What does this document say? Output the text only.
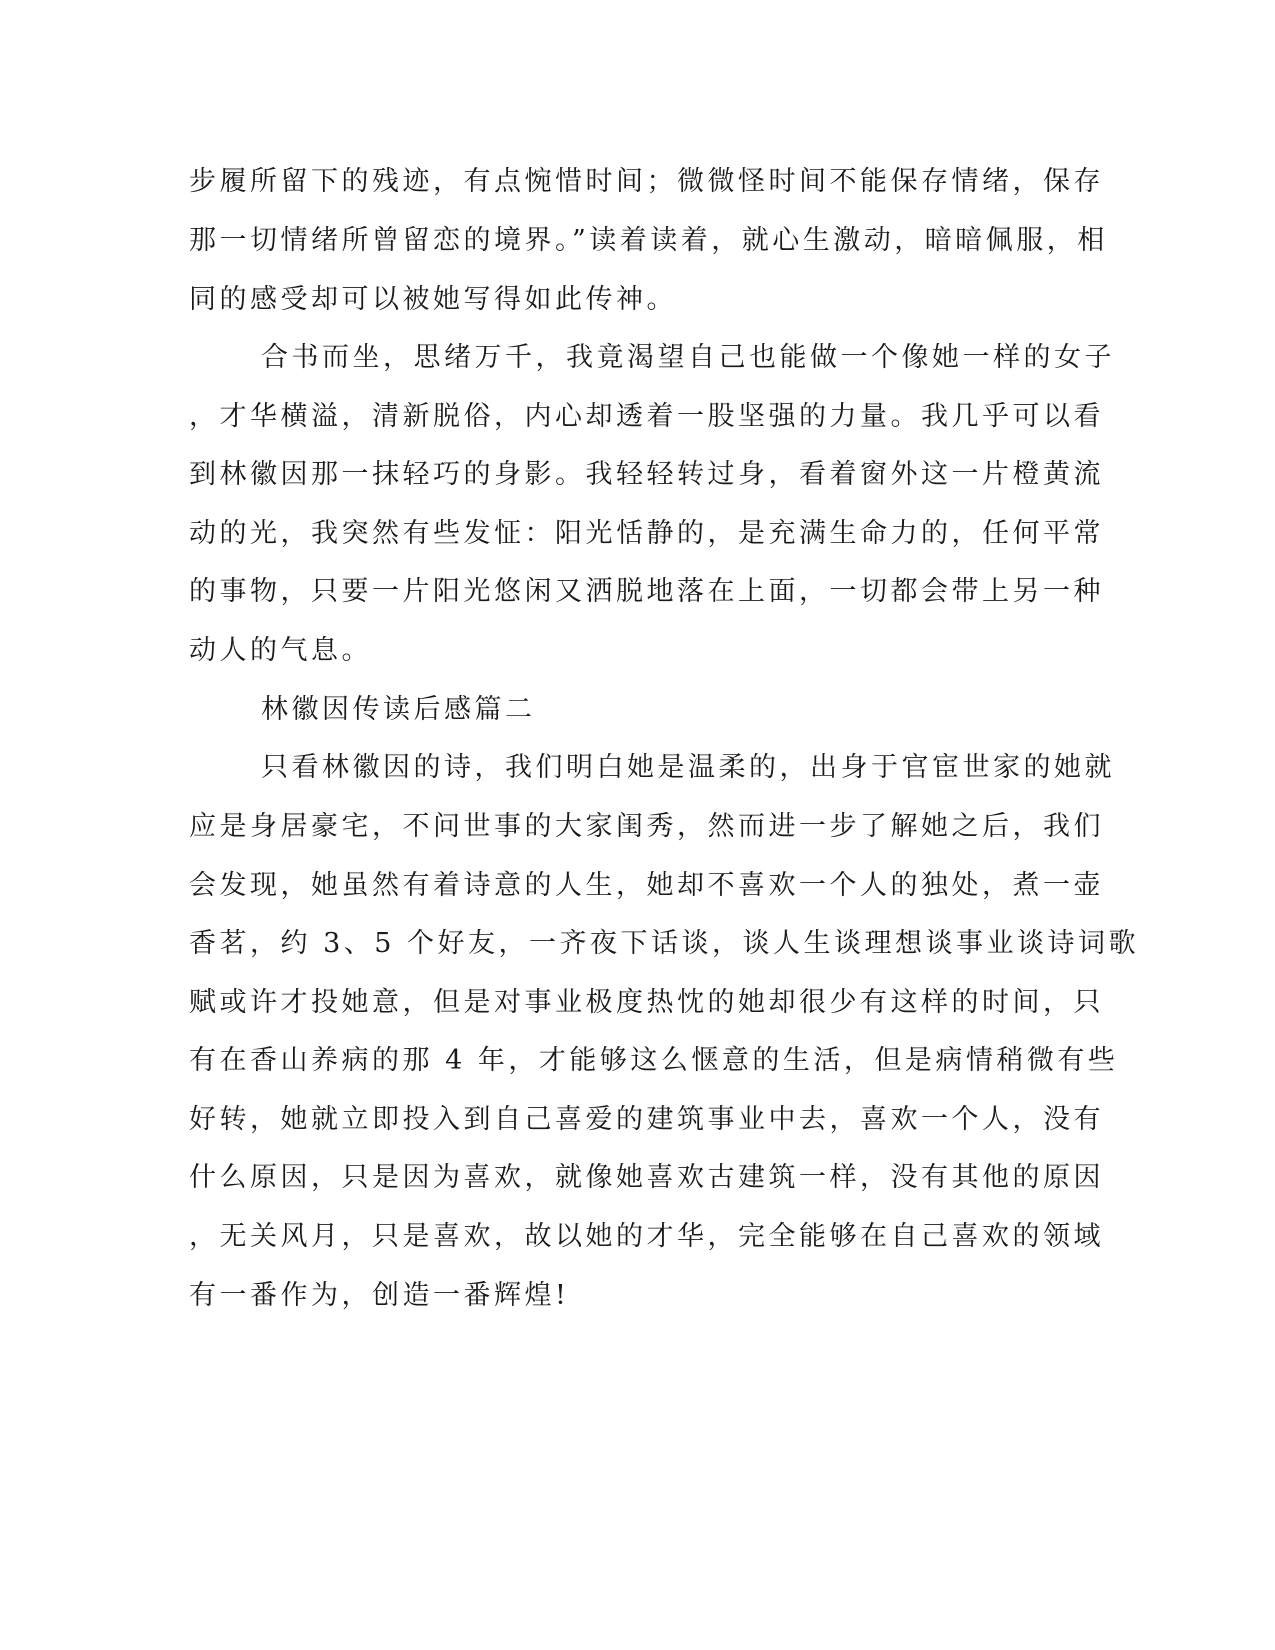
步履所留下的残迹，有点惋惜时间；微微怪时间不能保存情绪，保存
那一切情绪所曾留恋的境界。”读着读着，就心生激动，暗暗佩服，相
同的感受却可以被她写得如此传神。
合书而坐，思绪万千，我竟渴望自己也能做一个像她一样的女子
，才华横溢，清新脱俗，内心却透着一股坚强的力量。我几乎可以看
到林徽因那一抹轻巧的身影。我轻轻转过身，看着窗外这一片橙黄流
动的光，我突然有些发怔：阳光恬静的，是充满生命力的，任何平常
的事物，只要一片阳光悠闲又洒脱地落在上面，一切都会带上另一种
动人的气息。
林徽因传读后感篇二
只看林徽因的诗，我们明白她是温柔的，出身于官宦世家的她就
应是身居豪宅，不问世事的大家闺秀，然而进一步了解她之后，我们
会发现，她虽然有着诗意的人生，她却不喜欢一个人的独处，煮一壶
香茗，约 3、5 个好友，一齐夜下话谈，谈人生谈理想谈事业谈诗词歌
赋或许才投她意，但是对事业极度热忱的她却很少有这样的时间，只
有在香山养病的那 4 年，才能够这么惬意的生活，但是病情稍微有些
好转，她就立即投入到自己喜爱的建筑事业中去，喜欢一个人，没有
什么原因，只是因为喜欢，就像她喜欢古建筑一样，没有其他的原因
，无关风月，只是喜欢，故以她的才华，完全能够在自己喜欢的领域
有一番作为，创造一番辉煌!
